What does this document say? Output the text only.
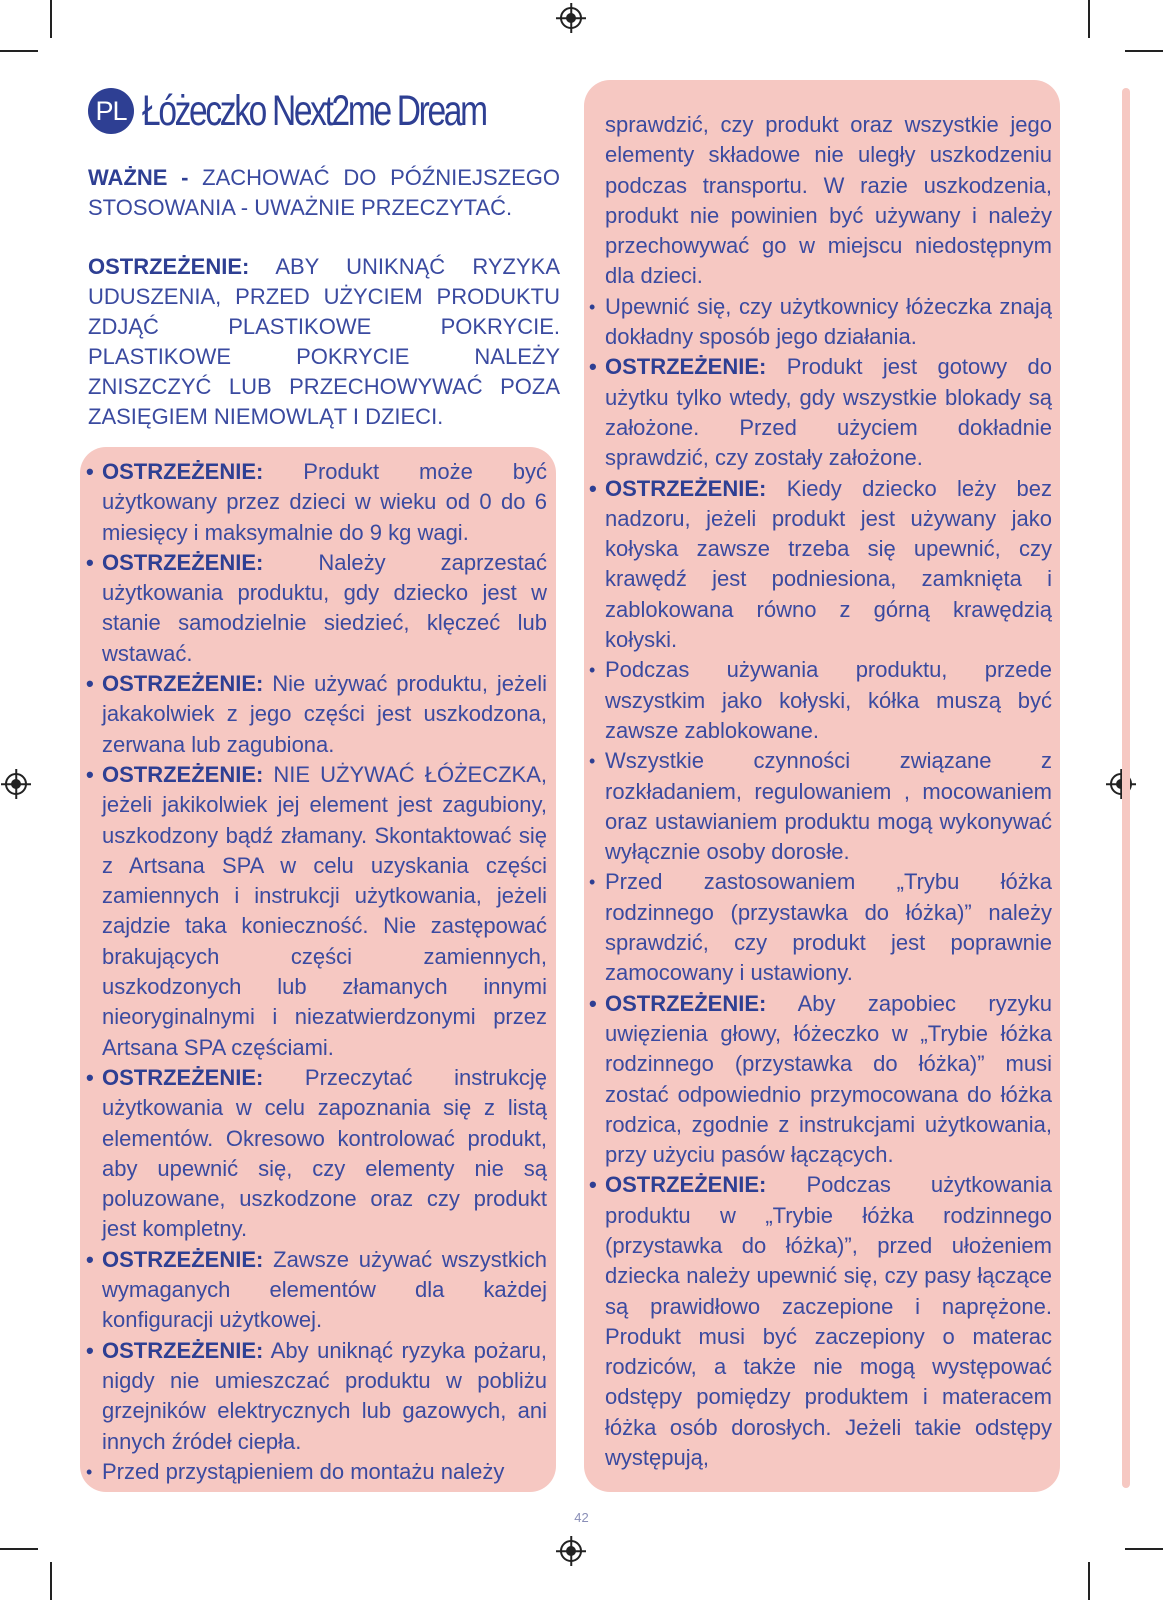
PL Łóżeczko Next2me Dream
WAŻNE - ZACHOWAĆ DO PÓŹNIEJSZEGO STOSOWANIA - UWAŻNIE PRZECZYTAĆ.
OSTRZEŻENIE: ABY UNIKNĄĆ RYZYKA UDUSZENIA, PRZED UŻYCIEM PRODUKTU ZDJĄĆ PLASTIKOWE POKRYCIE. PLASTIKOWE POKRYCIE NALEŻY ZNISZCZYĆ LUB PRZECHOWYWAĆ POZA ZASIĘGIEM NIEMOWLĄT I DZIECI.
• OSTRZEŻENIE: Produkt może być użytkowany przez dzieci w wieku od 0 do 6 miesięcy i maksymalnie do 9 kg wagi.
• OSTRZEŻENIE: Należy zaprzestać użytkowania produktu, gdy dziecko jest w stanie samodzielnie siedzieć, klęczeć lub wstawać.
• OSTRZEŻENIE: Nie używać produktu, jeżeli jakakolwiek z jego części jest uszkodzona, zerwana lub zagubiona.
• OSTRZEŻENIE: NIE UŻYWAĆ ŁÓŻECZKA, jeżeli jakikolwiek jej element jest zagubiony, uszkodzony bądź złamany. Skontaktować się z Artsana SPA w celu uzyskania części zamiennych i instrukcji użytkowania, jeżeli zajdzie taka konieczność. Nie zastępować brakujących części zamiennych, uszkodzonych lub złamanych innymi nieoryginalnymi i niezatwierdzonymi przez Artsana SPA częściami.
• OSTRZEŻENIE: Przeczytać instrukcję użytkowania w celu zapoznania się z listą elementów. Okresowo kontrolować produkt, aby upewnić się, czy elementy nie są poluzowane, uszkodzone oraz czy produkt jest kompletny.
• OSTRZEŻENIE: Zawsze używać wszystkich wymaganych elementów dla każdej konfiguracji użytkowej.
• OSTRZEŻENIE: Aby uniknąć ryzyka pożaru, nigdy nie umieszczać produktu w pobliżu grzejników elektrycznych lub gazowych, ani innych źródeł ciepła.
• Przed przystąpieniem do montażu należy
sprawdzić, czy produkt oraz wszystkie jego elementy składowe nie uległy uszkodzeniu podczas transportu. W razie uszkodzenia, produkt nie powinien być używany i należy przechowywać go w miejscu niedostępnym dla dzieci.
• Upewnić się, czy użytkownicy łóżeczka znają dokładny sposób jego działania.
• OSTRZEŻENIE: Produkt jest gotowy do użytku tylko wtedy, gdy wszystkie blokady są założone. Przed użyciem dokładnie sprawdzić, czy zostały założone.
• OSTRZEŻENIE: Kiedy dziecko leży bez nadzoru, jeżeli produkt jest używany jako kołyska zawsze trzeba się upewnić, czy krawędź jest podniesiona, zamknięta i zablokowana równo z górną krawędzią kołyski.
• Podczas używania produktu, przede wszystkim jako kołyski, kółka muszą być zawsze zablokowane.
• Wszystkie czynności związane z rozkładaniem, regulowaniem , mocowaniem oraz ustawianiem produktu mogą wykonywać wyłącznie osoby dorosłe.
• Przed zastosowaniem „Trybu łóżka rodzinnego (przystawka do łóżka)” należy sprawdzić, czy produkt jest poprawnie zamocowany i ustawiony.
• OSTRZEŻENIE: Aby zapobiec ryzyku uwięzienia głowy, łóżeczko w „Trybie łóżka rodzinnego (przystawka do łóżka)” musi zostać odpowiednio przymocowana do łóżka rodzica, zgodnie z instrukcjami użytkowania, przy użyciu pasów łączących.
• OSTRZEŻENIE: Podczas użytkowania produktu w „Trybie łóżka rodzinnego (przystawka do łóżka)”, przed ułożeniem dziecka należy upewnić się, czy pasy łączące są prawidłowo zaczepione i naprężone. Produkt musi być zaczepiony o materac rodziców, a także nie mogą występować odstępy pomiędzy produktem i materacem łóżka osób dorosłych. Jeżeli takie odstępy występują,
42
